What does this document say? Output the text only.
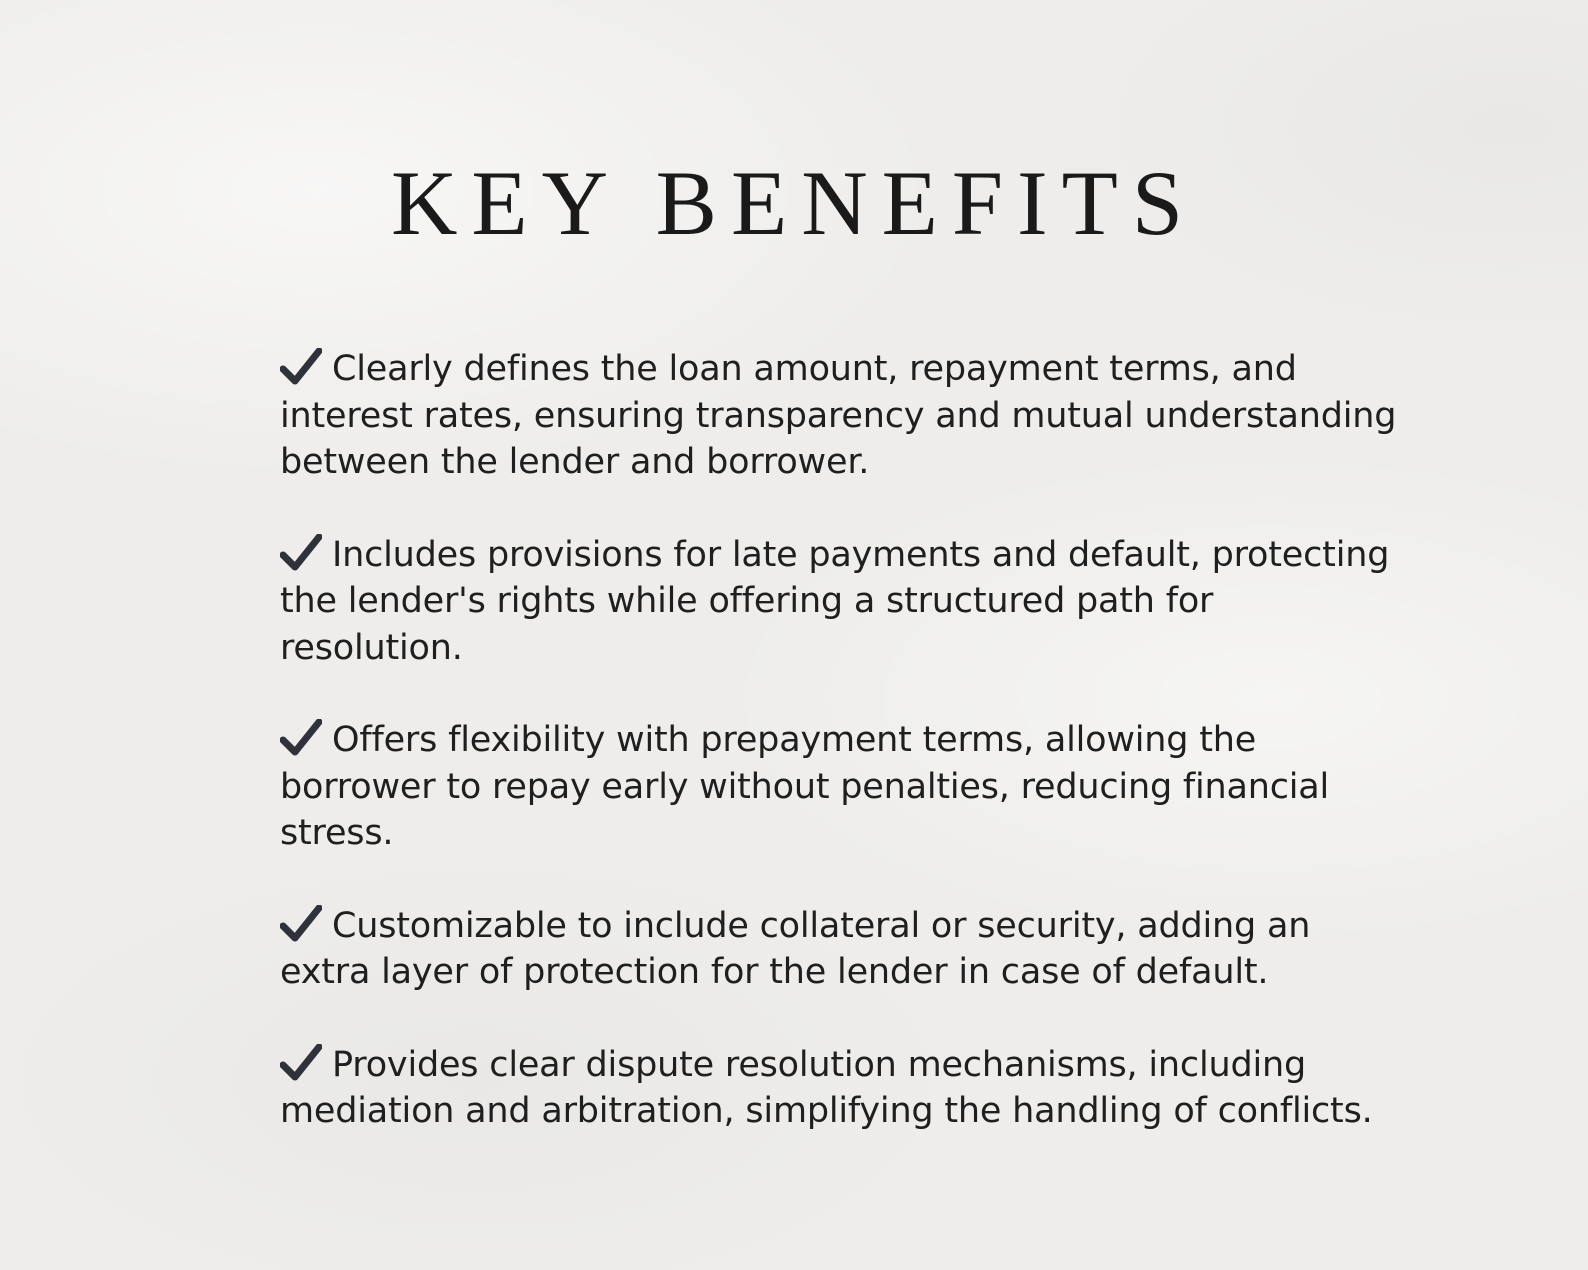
KEY BENEFITS
Clearly defines the loan amount, repayment terms, and interest rates, ensuring transparency and mutual understanding between the lender and borrower.
Includes provisions for late payments and default, protecting the lender's rights while offering a structured path for resolution.
Offers flexibility with prepayment terms, allowing the borrower to repay early without penalties, reducing financial stress.
Customizable to include collateral or security, adding an extra layer of protection for the lender in case of default.
Provides clear dispute resolution mechanisms, including mediation and arbitration, simplifying the handling of conflicts.
